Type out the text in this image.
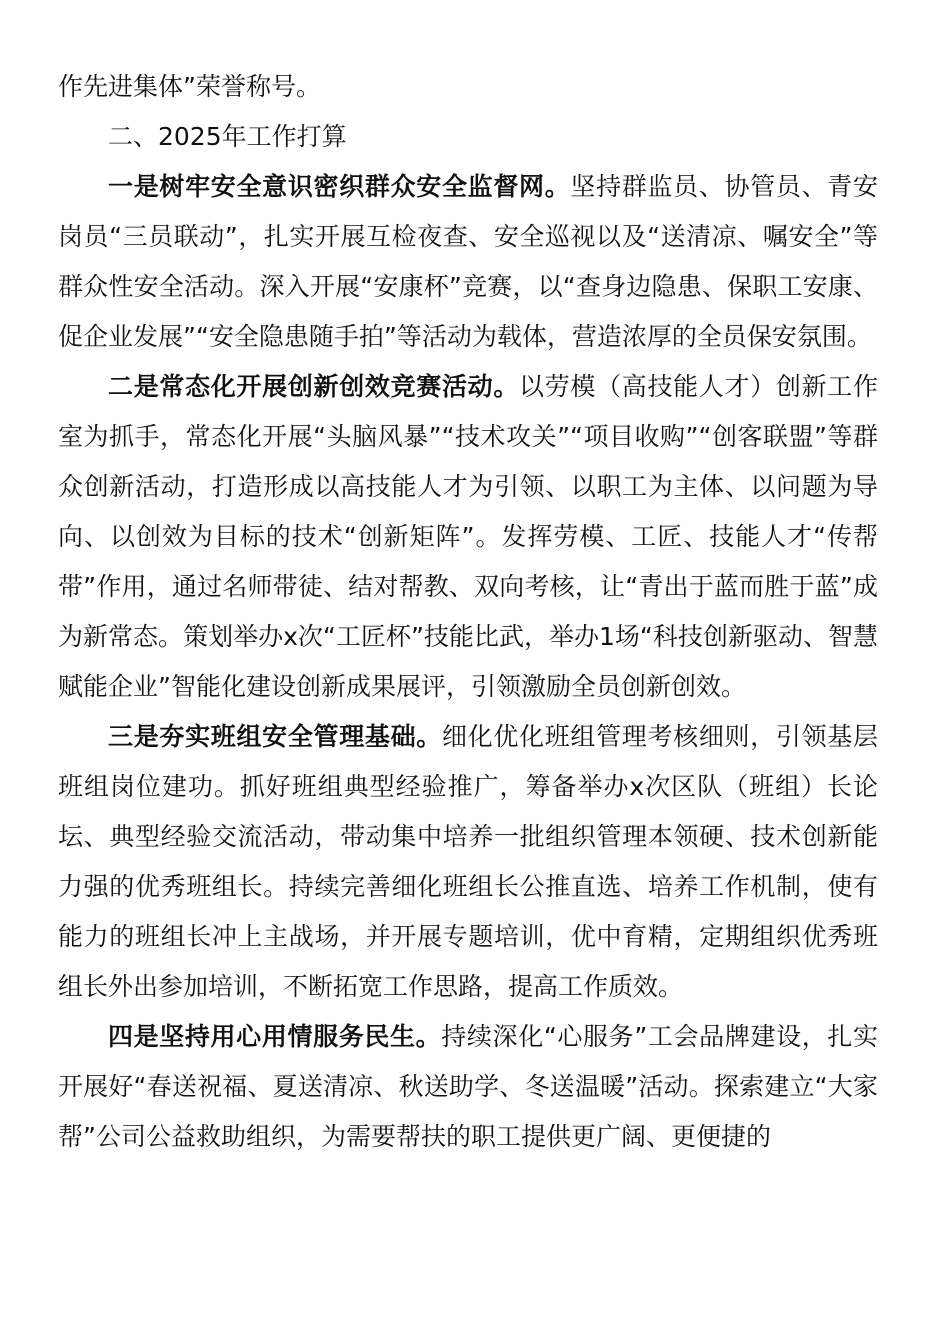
作先进集体”荣誉称号。
二、2025年工作打算
一是树牢安全意识密织群众安全监督网。坚持群监员、协管员、青安岗员“三员联动”，扎实开展互检夜查、安全巡视以及“送清凉、嘱安全”等群众性安全活动。深入开展“安康杯”竞赛，以“查身边隐患、保职工安康、促企业发展”“安全隐患随手拍”等活动为载体，营造浓厚的全员保安氛围。
二是常态化开展创新创效竞赛活动。以劳模（高技能人才）创新工作室为抓手，常态化开展“头脑风暴”“技术攻关”“项目收购”“创客联盟”等群众创新活动，打造形成以高技能人才为引领、以职工为主体、以问题为导向、以创效为目标的技术“创新矩阵”。发挥劳模、工匠、技能人才“传帮带”作用，通过名师带徒、结对帮教、双向考核，让“青出于蓝而胜于蓝”成为新常态。策划举办x次“工匠杯”技能比武，举办1场“科技创新驱动、智慧赋能企业”智能化建设创新成果展评，引领激励全员创新创效。
三是夯实班组安全管理基础。细化优化班组管理考核细则，引领基层班组岗位建功。抓好班组典型经验推广，筹备举办x次区队（班组）长论坛、典型经验交流活动，带动集中培养一批组织管理本领硬、技术创新能力强的优秀班组长。持续完善细化班组长公推直选、培养工作机制，使有能力的班组长冲上主战场，并开展专题培训，优中育精，定期组织优秀班组长外出参加培训，不断拓宽工作思路，提高工作质效。
四是坚持用心用情服务民生。持续深化“心服务”工会品牌建设，扎实开展好“春送祝福、夏送清凉、秋送助学、冬送温暖”活动。探索建立“大家帮”公司公益救助组织，为需要帮扶的职工提供更广阔、更便捷的
